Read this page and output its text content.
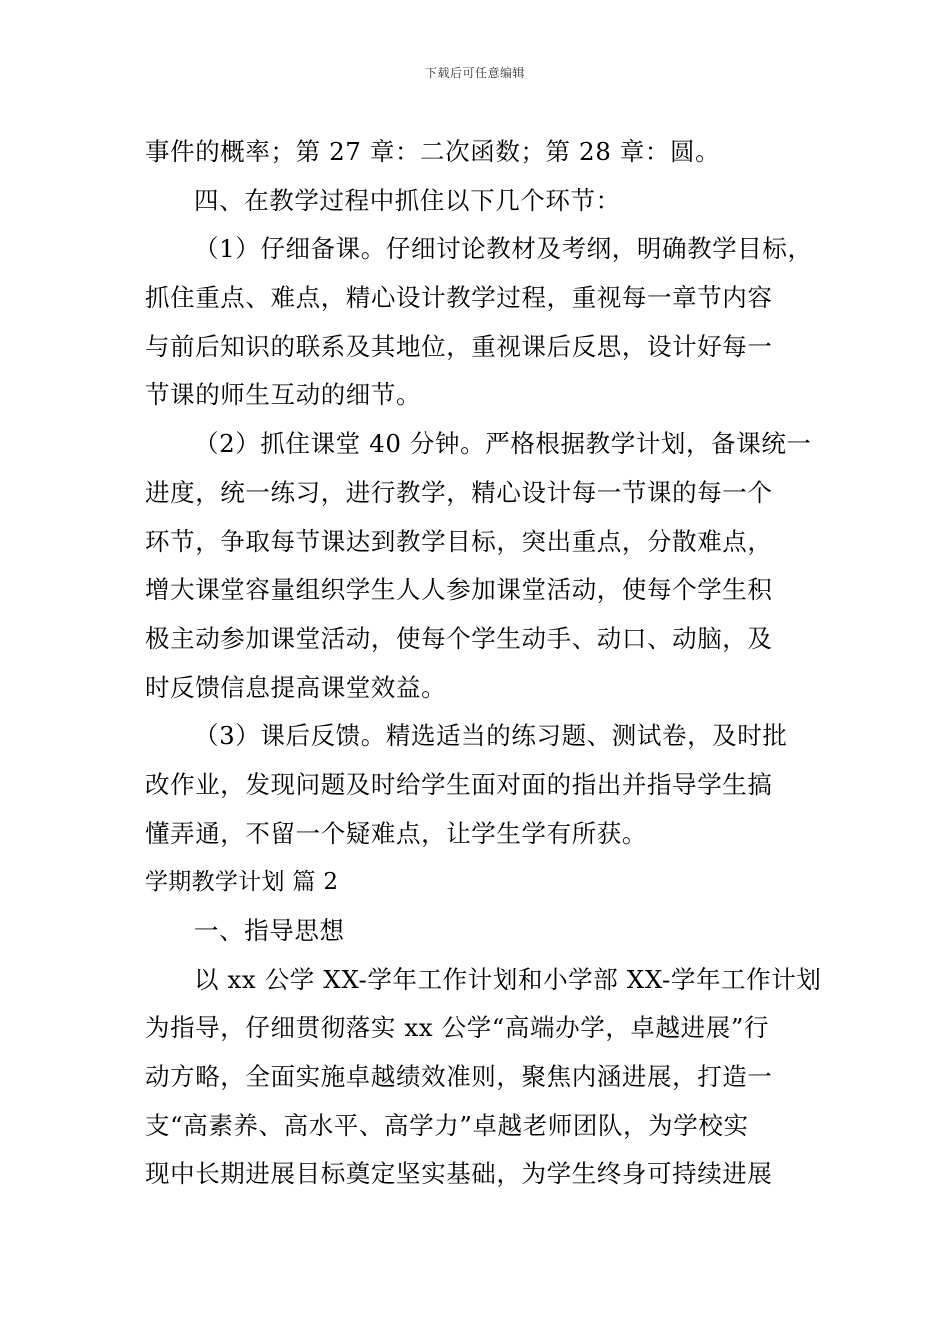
下载后可任意编辑
事件的概率；第 27 章：二次函数；第 28 章：圆。
四、在教学过程中抓住以下几个环节：
（1）仔细备课。仔细讨论教材及考纲，明确教学目标，
抓住重点、难点，精心设计教学过程，重视每一章节内容
与前后知识的联系及其地位，重视课后反思，设计好每一
节课的师生互动的细节。
（2）抓住课堂 40 分钟。严格根据教学计划，备课统一
进度，统一练习，进行教学，精心设计每一节课的每一个
环节，争取每节课达到教学目标，突出重点，分散难点，
增大课堂容量组织学生人人参加课堂活动，使每个学生积
极主动参加课堂活动，使每个学生动手、动口、动脑，及
时反馈信息提高课堂效益。
（3）课后反馈。精选适当的练习题、测试卷，及时批
改作业，发现问题及时给学生面对面的指出并指导学生搞
懂弄通，不留一个疑难点，让学生学有所获。
学期教学计划 篇 2
一、指导思想
以 xx 公学 XX-学年工作计划和小学部 XX-学年工作计划
为指导，仔细贯彻落实 xx 公学“高端办学，卓越进展”行
动方略，全面实施卓越绩效准则，聚焦内涵进展，打造一
支“高素养、高水平、高学力”卓越老师团队，为学校实
现中长期进展目标奠定坚实基础，为学生终身可持续进展
